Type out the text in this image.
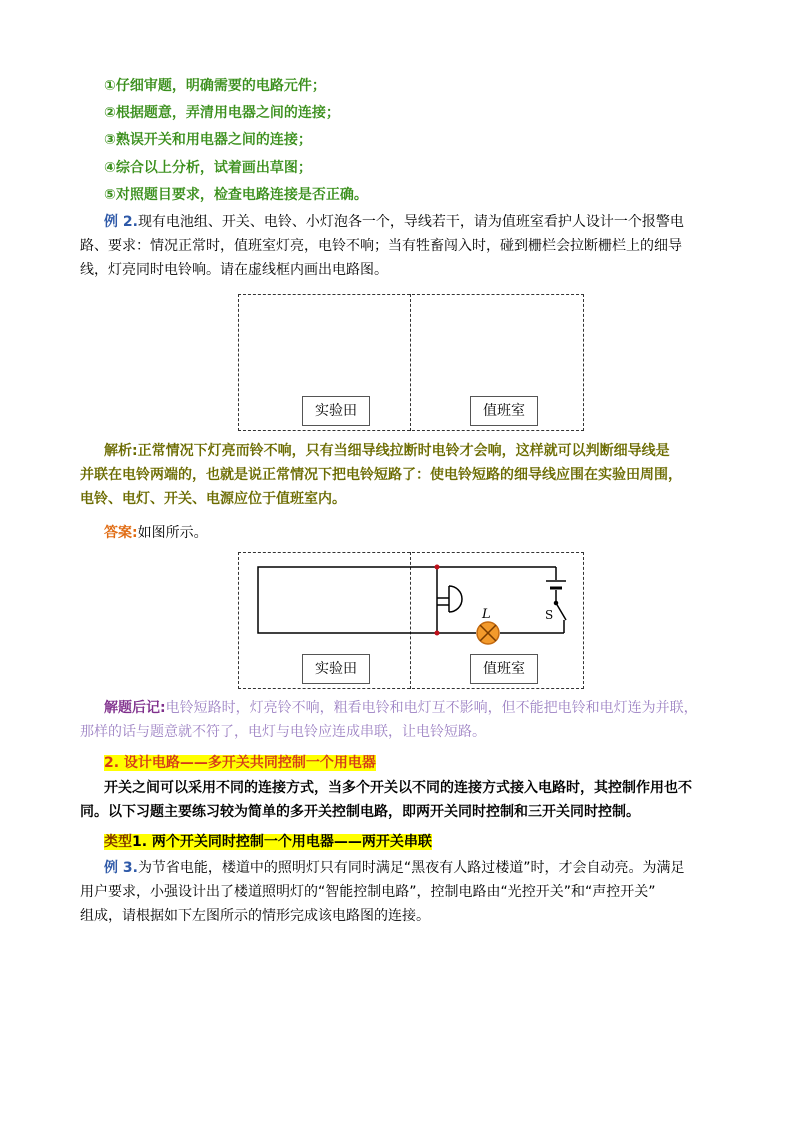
①仔细审题，明确需要的电路元件；
②根据题意，弄清用电器之间的连接；
③熟误开关和用电器之间的连接；
④综合以上分析，试着画出草图；
⑤对照题目要求，检查电路连接是否正确。
例 2.现有电池组、开关、电铃、小灯泡各一个，导线若干，请为值班室看护人设计一个报警电
路、要求：情况正常时，值班室灯亮，电铃不响；当有牲畜闯入时，碰到栅栏会拉断栅栏上的细导
线，灯亮同时电铃响。请在虚线框内画出电路图。
实验田	值班室
解析:正常情况下灯亮而铃不响，只有当细导线拉断时电铃才会响，这样就可以判断细导线是
并联在电铃两端的，也就是说正常情况下把电铃短路了：使电铃短路的细导线应围在实验田周围，
电铃、电灯、开关、电源应位于值班室内。
答案:如图所示。
L	S
实验田	值班室
解题后记:电铃短路时，灯亮铃不响，粗看电铃和电灯互不影响，但不能把电铃和电灯连为并联，
那样的话与题意就不符了，电灯与电铃应连成串联，让电铃短路。
2. 设计电路——多开关共同控制一个用电器
开关之间可以采用不同的连接方式，当多个开关以不同的连接方式接入电路时，其控制作用也不
同。以下习题主要练习较为简单的多开关控制电路，即两开关同时控制和三开关同时控制。
类型1. 两个开关同时控制一个用电器——两开关串联
例 3.为节省电能，楼道中的照明灯只有同时满足“黑夜有人路过楼道”时，才会自动亮。为满足
用户要求，小强设计出了楼道照明灯的“智能控制电路”，控制电路由“光控开关”和“声控开关”
组成，请根据如下左图所示的情形完成该电路图的连接。
